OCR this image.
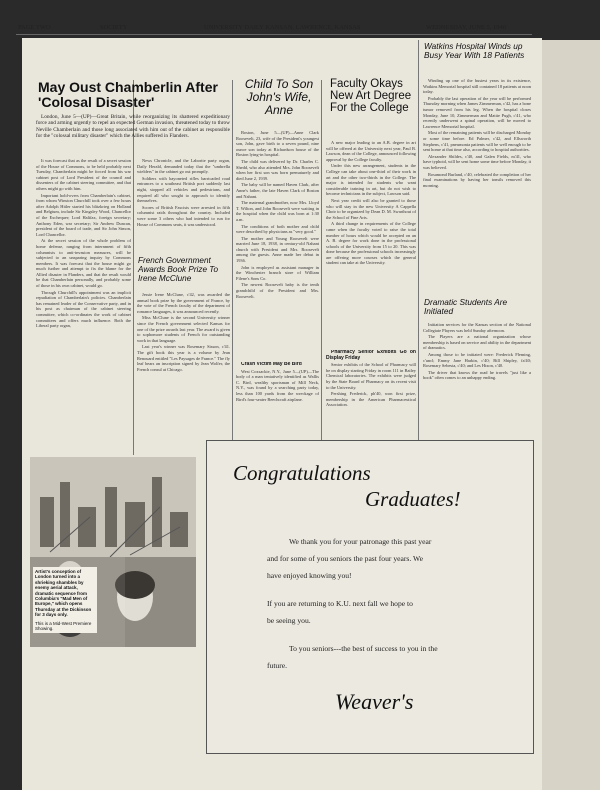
PAGE TWO	SOCIETY	UNIVERSITY DAILY KANSAN, LAWRENCE, KANSAS	WEDNESDAY, JUNE 5, 1940
May Oust Chamberlin After 'Colosal Disaster'

London, June 5—(UP)—Great Britain, while reorganizing its shattered expeditionary force and arming urgently to repel an expected German invasion, threatened today to throw Neville Chamberlain and those long associated with him out of the cabinet as responsible for the "colossal military disaster" which the Allies suffered in Flanders.

It was forecast that as the result of a secret session of the House of Commons, to be held probably next Tuesday, Chamberlain might be forced from his war cabinet post of Lord President of the council and dissenters of the cabinet steering committee, and that others might go with him.

Important hold-overs from Chamberlain's cabinet, from whom Winston Churchill took over a few hours after Adolph Hitler started his blitzkrieg on Holland and Belgium, include Sir Kingsley Wood, Chancellor of the Exchequer; Lord Halifax, foreign secretary; Anthony Eden, war secretary; Sir Andrew Duncan, president of the board of trade, and Sir John Simon, Lord Chancellor.

At the secret session of the whole problem of home defense, ranging from internment of fifth columnists to anti-invasion measures, will be subjected to an unsparing inquiry by Commons members. It was forecast that the house might go much further and attempt to fix the blame for the Allied disaster in Flanders, and that the result would be that Chamberlain personally, and probably some of those in his own cabinet, would go.

Through Churchill's appointment was an implicit repudiation of Chamberlain's policies. Chamberlain has remained leader of the Conservative party, and in his post as chairman of the cabinet steering committee, which co-ordinates the work of cabinet committees and offers much influence. Both the Liberal party organ,

News Chronicle, and the Laborite party organ, Daily Herald, demanded today that the "umbrella wielders" in the cabinet go out promptly.

Soldiers with bayoneted rifles barricaded road entrances to a southeast British port suddenly last night, stopped all vehicles and pedestrians, and required all who sought to approach to identify themselves.

Scores of British Fascists were arrested in fifth columnist raids throughout the country. Included were some 3 others who had intended to run for House of Commons seats, it was understood.

French Government Awards Book Prize To Irene McClune

Jessie Irene McClune, c'42, was awarded the annual book prize by the government of France, by the vote of the French faculty of the department of romance languages, it was announced recently.

Miss McClune is the second University winner since the French government selected Kansas for one of the prize awards last year. The award is given to sophomore students of French for outstanding work in that language.

Last year's winner was Rosemary Sisson, c'41. The gift book this year is a volume by Jean Renouard entitled "Les Paysages de France." The fly leaf bears an inscription signed by Jean Wolfer, the French consul at Chicago.

Child To Son John's Wife, Anne

Boston, June 5—(UP)—Anne Clark Roosevelt, 23, wife of the President's youngest son, John, gave birth to a seven pound, nine ounce son today at Richardson house of the Boston lying-in hospital.

The child was delivered by Dr. Charles C. Shedd, who also attended Mrs. John Roosevelt when her first son was born prematurely and died June 2, 1939.

The baby will be named Haven Clark, after Anne's father, the late Haven Clark of Boston and Nahant.

The maternal grandmother, now Mrs. Lloyd T. Wilton, and John Roosevelt were waiting in the hospital when the child was born at 1:30 a.m.

The conditions of both mother and child were described by physicians as "very good."

The mother and Young Roosevelt were married June 18, 1938, in century-old Nahant church with President and Mrs. Roosevelt among the guests. Anne made her debut in 1936.

John is employed as assistant manager in the Winchester branch store of William Filene's Sons Co.

The newest Roosevelt baby is the tenth grandchild of the President and Mrs. Roosevelt.

Crash Victim May Be Bird

West Coxsackie, N.Y., June 5—(UP)—The body of a man tentatively identified as Wallis C. Bird, wealthy sportsman of Mill Neck, N.Y., was found by a searching party today, less than 100 yards from the wreckage of Bird's four-seater Beechcraft airplane.

Faculty Okays New Art Degree For the College

A new major leading to an A.B. degree in art will be offered at the University next year, Paul B. Lawson, dean of the College, announced following approval by the College faculty.

Under this new arrangement, students in the College can take about one-third of their work in art and the other two-thirds in the College. The major is intended for students who want considerable training in art, but do not wish to become technicians in the subject, Lawson said.

Next year credit will also be granted to those who will stay in the new University A Cappella Choir to be organized by Dean D. M. Swarthout of the School of Fine Arts.

A third change in requirements of the College came when the faculty voted to raise the total number of hours which would be accepted on an A. B. degree for work done in the professional schools of the University from 15 to 20. This was done because the professional schools increasingly are offering more courses which the general student can take at the University.

Pharmacy Senior Exhibits Go on Display Friday

Senior exhibits of the School of Pharmacy will be on display starting Friday in room 111 in Bailey Chemical laboratories. The exhibits were judged by the State Board of Pharmacy on its recent visit to the University.

Pershing Frederick, ph'40, won first prize, membership in the American Pharmaceutical Association.

Watkins Hospital Winds up Busy Year With 18 Patients

Winding up one of the busiest years in its existence, Watkins Memorial hospital still contained 18 patients at noon today.

Probably the last operation of the year will be performed Thursday morning when James Zimmerman, c'42, has a bone tumor removed from his leg. When the hospital closes Monday, June 10, Zimmerman and Mattie Pugh, c'41, who recently underwent a spinal operation, will be moved to Lawrence Memorial hospital.

Most of the remaining patients will be discharged Monday or some time before. Ed Palmer, c'42, and Ellsworth Stephens, c'41, pneumonia patients will be well enough to be sent home at that time also, according to hospital authorities.

Alexander Shildes, c'40, and Galen Fields, m'41, who have typhoid, will be sent home some time before Monday, it was believed.

Rosamond Burland, c'40, celebrated the completion of her final examinations by having her tonsils removed this morning.

Dramatic Students Are Initiated

Initiation services for the Kansas section of the National Collegiate Players was held Sunday afternoon.

The Players are a national organization whose membership is based on service and ability in the department of dramatics.

Among those to be initiated were: Frederick Fleming, c'uncl; Emmy Jane Harkin, c'40; Bill Shipley, fa'40; Rosemary Sebesta, c'40; and Les Hixon, c'40.

The driver that knows the road he travels "just like a book" often comes to an unhappy ending.

Artist's conception of London turned into a shrieking shambles by enemy aerial attack, dramatic sequence from Columbia's "Mad Men of Europe," which opens Thursday at the Dickinson for 3 days only.
This is a Mid-West Premiere Showing.
Congratulations
Graduates!
We thank you for your patronage this past year
and for some of you seniors the past four years. We
have enjoyed knowing you!
If you are returning to K.U. next fall we hope to
be seeing you.
To you seniors---the best of success to you in the
future.
Weaver's
